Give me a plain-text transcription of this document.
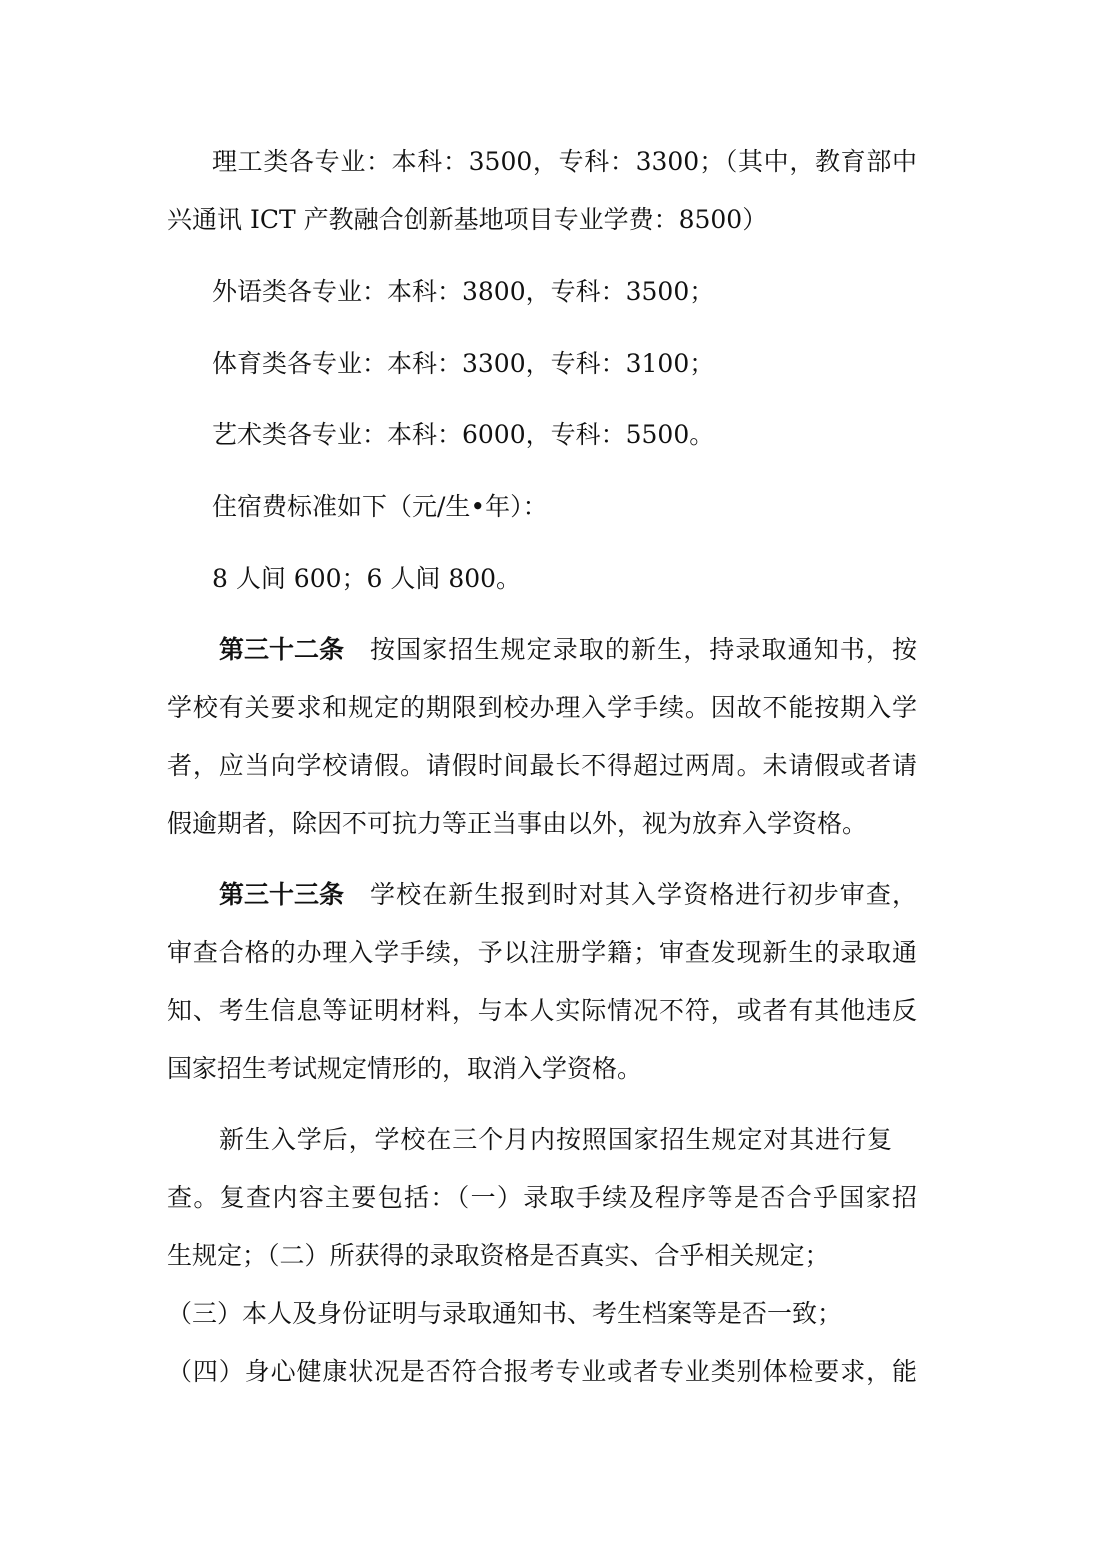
理工类各专业：本科：3500，专科：3300；（其中，教育部中
兴通讯 ICT 产教融合创新基地项目专业学费：8500）
外语类各专业：本科：3800，专科：3500；
体育类各专业：本科：3300，专科：3100；
艺术类各专业：本科：6000，专科：5500。
住宿费标准如下（元/生•年）：
8 人间 600；6 人间 800。
第三十二条 按国家招生规定录取的新生，持录取通知书，按
学校有关要求和规定的期限到校办理入学手续。因故不能按期入学
者，应当向学校请假。请假时间最长不得超过两周。未请假或者请
假逾期者，除因不可抗力等正当事由以外，视为放弃入学资格。
第三十三条 学校在新生报到时对其入学资格进行初步审查，
审查合格的办理入学手续，予以注册学籍；审查发现新生的录取通
知、考生信息等证明材料，与本人实际情况不符，或者有其他违反
国家招生考试规定情形的，取消入学资格。
新生入学后，学校在三个月内按照国家招生规定对其进行复
查。复查内容主要包括：（一）录取手续及程序等是否合乎国家招
生规定；（二）所获得的录取资格是否真实、合乎相关规定；
（三）本人及身份证明与录取通知书、考生档案等是否一致；
（四）身心健康状况是否符合报考专业或者专业类别体检要求，能
